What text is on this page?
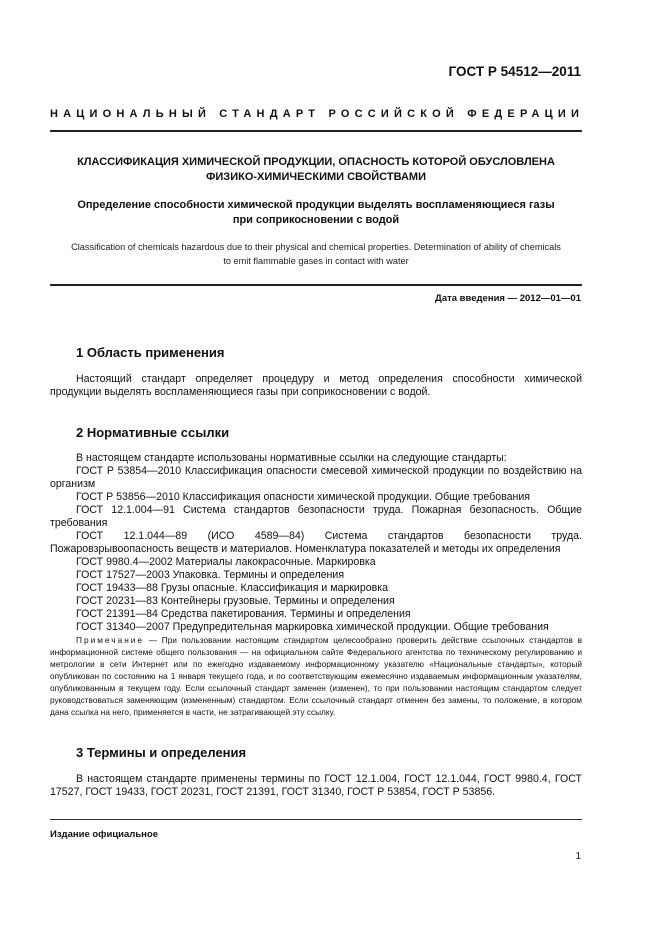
ГОСТ Р 54512—2011
НАЦИОНАЛЬНЫЙ СТАНДАРТ РОССИЙСКОЙ ФЕДЕРАЦИИ
КЛАССИФИКАЦИЯ ХИМИЧЕСКОЙ ПРОДУКЦИИ, ОПАСНОСТЬ КОТОРОЙ ОБУСЛОВЛЕНА
ФИЗИКО-ХИМИЧЕСКИМИ СВОЙСТВАМИ
Определение способности химической продукции выделять воспламеняющиеся газы
при соприкосновении с водой
Classification of chemicals hazardous due to their physical and chemical properties. Determination of ability of chemicals
to emit flammable gases in contact with water
Дата введения — 2012—01—01
1 Область применения

Настоящий стандарт определяет процедуру и метод определения способности химической продукции выделять воспламеняющиеся газы при соприкосновении с водой.

2 Нормативные ссылки

В настоящем стандарте использованы нормативные ссылки на следующие стандарты:

ГОСТ Р 53854—2010 Классификация опасности смесевой химической продукции по воздействию на организм

ГОСТ Р 53856—2010 Классификация опасности химической продукции. Общие требования

ГОСТ 12.1.004—91 Система стандартов безопасности труда. Пожарная безопасность. Общие требования

ГОСТ 12.1.044—89 (ИСО 4589—84) Система стандартов безопасности труда. Пожаровзрывоопасность веществ и материалов. Номенклатура показателей и методы их определения

ГОСТ 9980.4—2002 Материалы лакокрасочные. Маркировка

ГОСТ 17527—2003 Упаковка. Термины и определения

ГОСТ 19433—88 Грузы опасные. Классификация и маркировка

ГОСТ 20231—83 Контейнеры грузовые. Термины и определения

ГОСТ 21391—84 Средства пакетирования. Термины и определения

ГОСТ 31340—2007 Предупредительная маркировка химической продукции. Общие требования

Примечание — При пользовании настоящим стандартом целесообразно проверить действие ссылочных стандартов в информационной системе общего пользования — на официальном сайте Федерального агентства по техническому регулированию и метрологии в сети Интернет или по ежегодно издаваемому информационному указателю «Национальные стандарты», который опубликован по состоянию на 1 января текущего года, и по соответствующим ежемесячно издаваемым информационным указателям, опубликованным в текущем году. Если ссылочный стандарт заменен (изменен), то при пользовании настоящим стандартом следует руководствоваться заменяющим (измененным) стандартом. Если ссылочный стандарт отменен без замены, то положение, в котором дана ссылка на него, применяется в части, не затрагивающей эту ссылку.
3 Термины и определения

В настоящем стандарте применены термины по ГОСТ 12.1.004, ГОСТ 12.1.044, ГОСТ 9980.4, ГОСТ 17527, ГОСТ 19433, ГОСТ 20231, ГОСТ 21391, ГОСТ 31340, ГОСТ Р 53854, ГОСТ Р 53856.

Издание официальное
1
